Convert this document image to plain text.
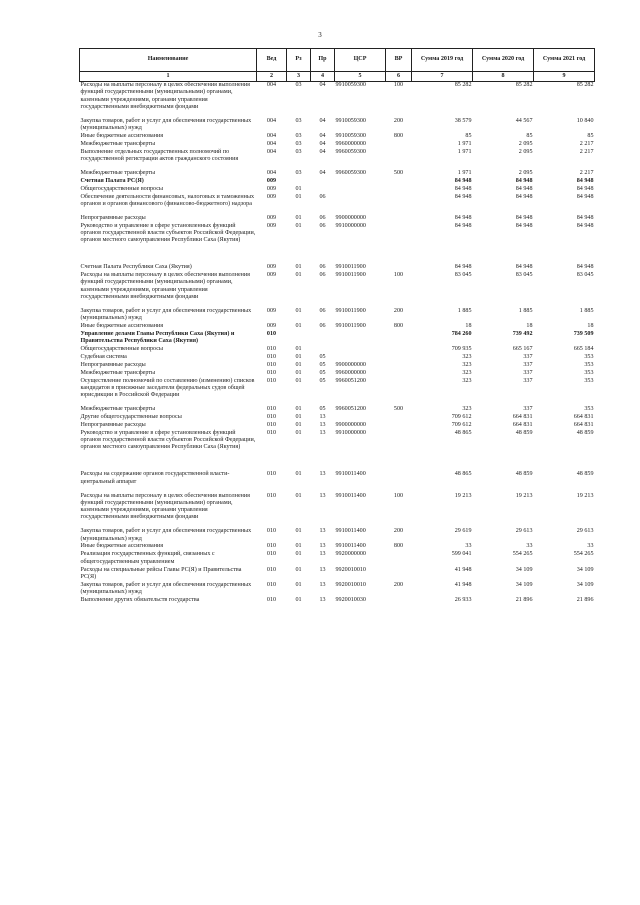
3
Наименование	Вед	Рз	Пр	ЦСР	ВР	Сумма 2019 год	Сумма 2020 год	Сумма 2021 год
1	2	3	4	5	6	7	8	9
Расходы на выплаты персоналу в целях обеспечения выполнения функций государственными (муниципальными) органами, казенными учреждениями, органами управления государственными внебюджетными фондами	004	03	04	9910059300	100	85 282	85 282	85 282
Закупка товаров, работ и услуг для обеспечения государственных (муниципальных) нужд	004	03	04	9910059300	200	38 579	44 567	10 840
Иные бюджетные ассигнования	004	03	04	9910059300	800	85	85	85
Межбюджетные трансферты	004	03	04	9960000000		1 971	2 095	2 217
Выполнение отдельных государственных полномочий по государственной регистрации актов гражданского состояния	004	03	04	9960059300		1 971	2 095	2 217
Межбюджетные трансферты	004	03	04	9960059300	500	1 971	2 095	2 217
Счетная Палата РС(Я)	009					84 948	84 948	84 948
Общегосударственные вопросы	009	01				84 948	84 948	84 948
Обеспечение деятельности финансовых, налоговых и таможенных органов и органов финансового (финансово-бюджетного) надзора	009	01	06			84 948	84 948	84 948
Непрограммные расходы	009	01	06	9900000000		84 948	84 948	84 948
Руководство и управление в сфере установленных функций органов государственной власти субъектов Российской Федерации, органов местного самоуправления Республики Саха (Якутия)	009	01	06	9910000000		84 948	84 948	84 948
Счетная Палата Республики Саха (Якутия)	009	01	06	9910011900		84 948	84 948	84 948
Расходы на выплаты персоналу в целях обеспечения выполнения функций государственными (муниципальными) органами, казенными учреждениями, органами управления государственными внебюджетными фондами	009	01	06	9910011900	100	83 045	83 045	83 045
Закупка товаров, работ и услуг для обеспечения государственных (муниципальных) нужд	009	01	06	9910011900	200	1 885	1 885	1 885
Иные бюджетные ассигнования	009	01	06	9910011900	800	18	18	18
Управление делами Главы Республики Саха (Якутия) и Правительства Республики Саха (Якутия)	010					784 260	739 492	739 509
Общегосударственные вопросы	010	01				709 935	665 167	665 184
Судебная система	010	01	05			323	337	353
Непрограммные расходы	010	01	05	9900000000		323	337	353
Межбюджетные трансферты	010	01	05	9960000000		323	337	353
Осуществление полномочий по составлению (изменению) списков кандидатов в присяжные заседатели федеральных судов общей юрисдикции в Российской Федерации	010	01	05	9960051200		323	337	353
Межбюджетные трансферты	010	01	05	9960051200	500	323	337	353
Другие общегосударственные вопросы	010	01	13			709 612	664 831	664 831
Непрограммные расходы	010	01	13	9900000000		709 612	664 831	664 831
Руководство и управление в сфере установленных функций органов государственной власти субъектов Российской Федерации, органов местного самоуправления Республики Саха (Якутия)	010	01	13	9910000000		48 865	48 859	48 859
Расходы на содержание органов государственной власти- центральный аппарат	010	01	13	9910011400		48 865	48 859	48 859
Расходы на выплаты персоналу в целях обеспечения выполнения функций государственными (муниципальными) органами, казенными учреждениями, органами управления государственными внебюджетными фондами	010	01	13	9910011400	100	19 213	19 213	19 213
Закупка товаров, работ и услуг для обеспечения государственных (муниципальных) нужд	010	01	13	9910011400	200	29 619	29 613	29 613
Иные бюджетные ассигнования	010	01	13	9910011400	800	33	33	33
Реализация государственных функций, связанных с общегосударственным управлением	010	01	13	9920000000		599 041	554 265	554 265
Расходы на специальные рейсы Главы РС(Я) и Правительства РС(Я)	010	01	13	9920010010		41 948	34 109	34 109
Закупка товаров, работ и услуг для обеспечения государственных (муниципальных) нужд	010	01	13	9920010010	200	41 948	34 109	34 109
Выполнение других обязательств государства	010	01	13	9920010030		26 933	21 896	21 896
